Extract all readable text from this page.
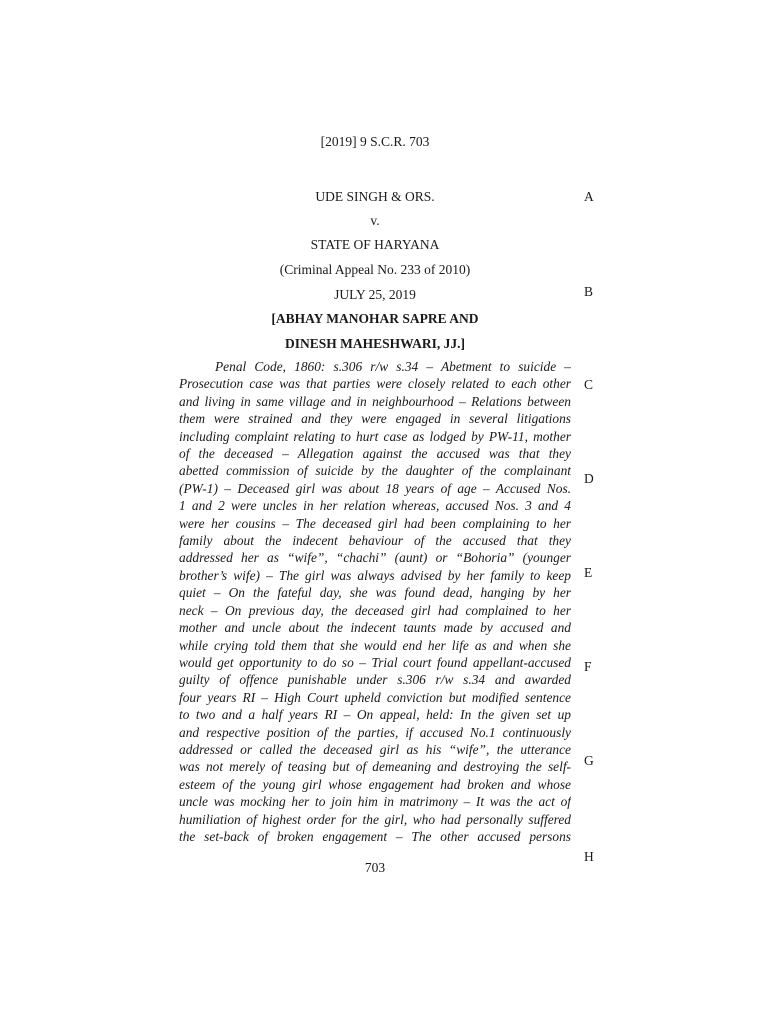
[2019] 9 S.C.R. 703
UDE SINGH & ORS.
v.
STATE OF HARYANA
(Criminal Appeal No. 233 of 2010)
JULY 25, 2019
[ABHAY MANOHAR SAPRE AND
DINESH MAHESHWARI, JJ.]
A
B
C
D
E
F
G
H
Penal Code, 1860: s.306 r/w s.34 – Abetment to suicide –
Prosecution case was that parties were closely related to each other
and living in same village and in neighbourhood – Relations between
them were strained and they were engaged in several litigations
including complaint relating to hurt case as lodged by PW-11, mother
of the deceased – Allegation against the accused was that they
abetted commission of suicide by the daughter of the complainant
(PW-1) – Deceased girl was about 18 years of age – Accused Nos.
1 and 2 were uncles in her relation whereas, accused Nos. 3 and 4
were her cousins – The deceased girl had been complaining to her
family about the indecent behaviour of the accused that they
addressed her as “wife”, “chachi” (aunt) or “Bohoria” (younger
brother’s wife) – The girl was always advised by her family to keep
quiet – On the fateful day, she was found dead, hanging by her
neck – On previous day, the deceased girl had complained to her
mother and uncle about the indecent taunts made by accused and
while crying told them that she would end her life as and when she
would get opportunity to do so – Trial court found appellant-accused
guilty of offence punishable under s.306 r/w s.34 and awarded
four years RI – High Court upheld conviction but modified sentence
to two and a half years RI – On appeal, held: In the given set up
and respective position of the parties, if accused No.1 continuously
addressed or called the deceased girl as his “wife”, the utterance
was not merely of teasing but of demeaning and destroying the self-
esteem of the young girl whose engagement had broken and whose
uncle was mocking her to join him in matrimony – It was the act of
humiliation of highest order for the girl, who had personally suffered
the set-back of broken engagement – The other accused persons
703
